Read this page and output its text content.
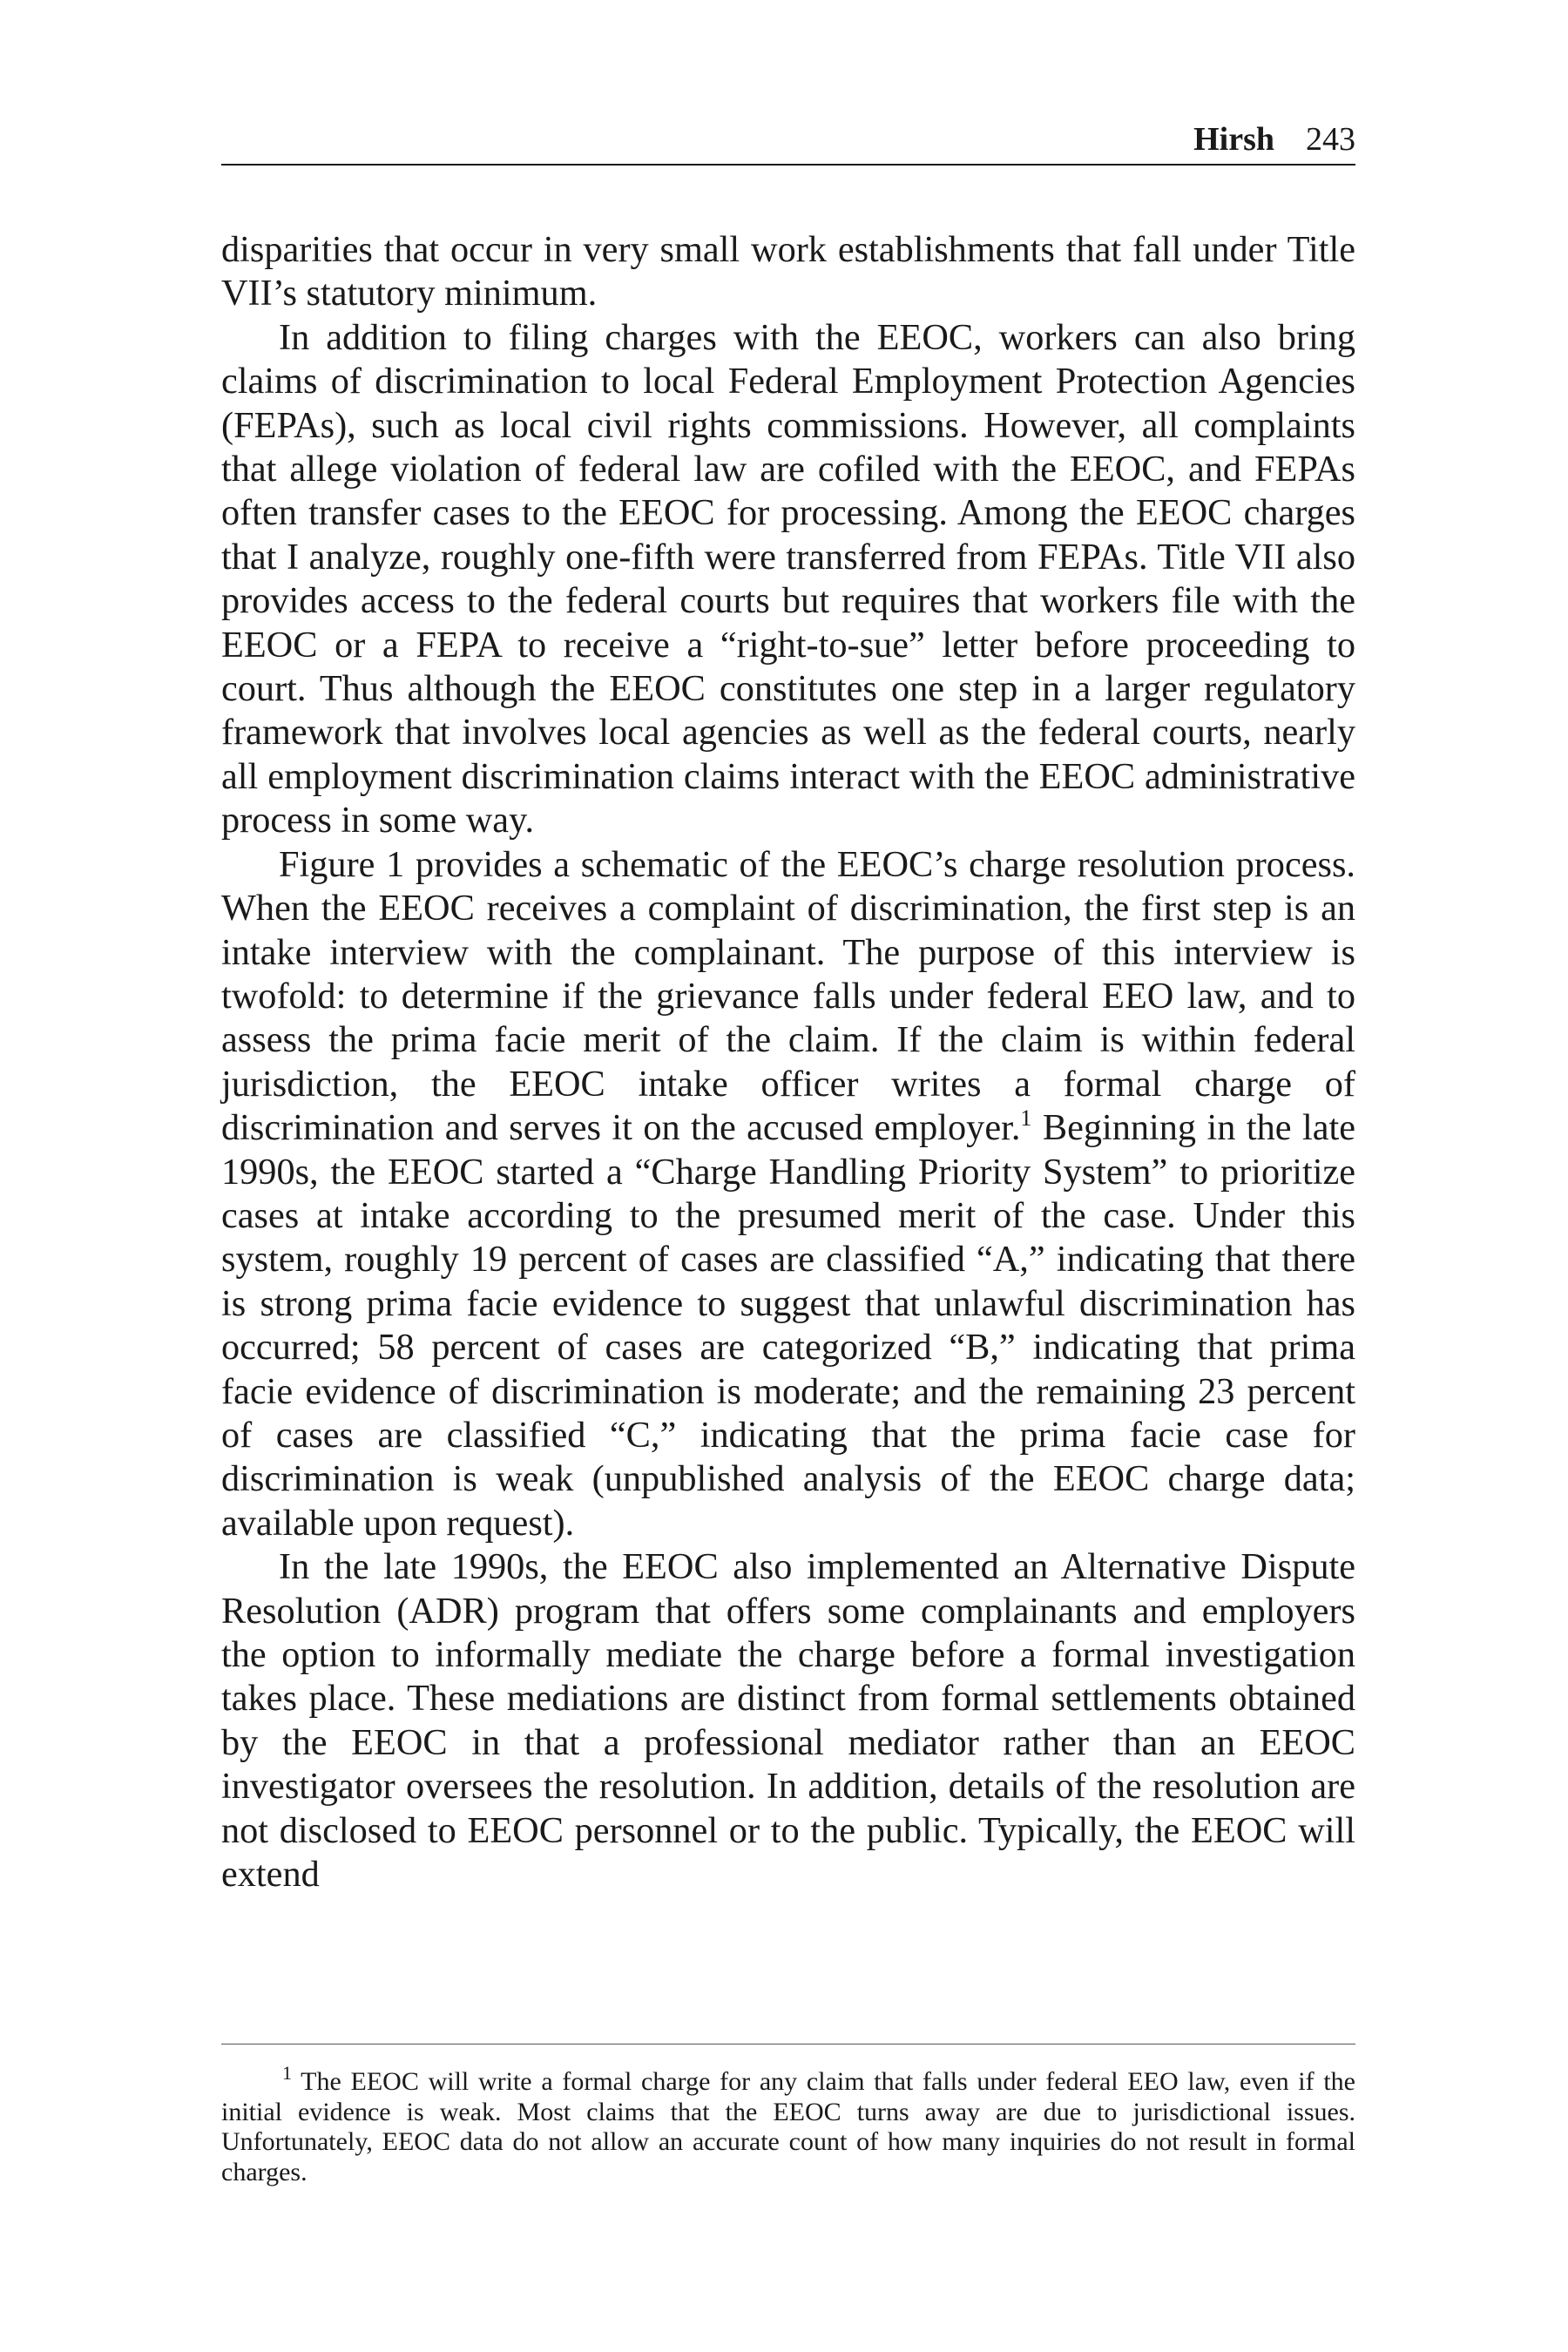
Hirsh 243

disparities that occur in very small work establishments that fall under Title VII’s statutory minimum.

In addition to filing charges with the EEOC, workers can also bring claims of discrimination to local Federal Employment Protection Agencies (FEPAs), such as local civil rights commissions. However, all complaints that allege violation of federal law are cofiled with the EEOC, and FEPAs often transfer cases to the EEOC for processing. Among the EEOC charges that I analyze, roughly one-fifth were transferred from FEPAs. Title VII also provides access to the federal courts but requires that workers file with the EEOC or a FEPA to receive a “right-to-sue” letter before proceeding to court. Thus although the EEOC constitutes one step in a larger regulatory framework that involves local agencies as well as the federal courts, nearly all employment discrimination claims interact with the EEOC administrative process in some way.

Figure 1 provides a schematic of the EEOC’s charge resolution process. When the EEOC receives a complaint of discrimination, the first step is an intake interview with the complainant. The purpose of this interview is twofold: to determine if the grievance falls under federal EEO law, and to assess the prima facie merit of the claim. If the claim is within federal jurisdiction, the EEOC intake officer writes a formal charge of discrimination and serves it on the accused employer.$^1$ Beginning in the late 1990s, the EEOC started a “Charge Handling Priority System” to prioritize cases at intake according to the presumed merit of the case. Under this system, roughly 19 percent of cases are classified “A,” indicating that there is strong prima facie evidence to suggest that unlawful discrimination has occurred; 58 percent of cases are categorized “B,” indicating that prima facie evidence of discrimination is moderate; and the remaining 23 percent of cases are classified “C,” indicating that the prima facie case for discrimination is weak (unpublished analysis of the EEOC charge data; available upon request).

In the late 1990s, the EEOC also implemented an Alternative Dispute Resolution (ADR) program that offers some complainants and employers the option to informally mediate the charge before a formal investigation takes place. These mediations are distinct from formal settlements obtained by the EEOC in that a professional mediator rather than an EEOC investigator oversees the resolution. In addition, details of the resolution are not disclosed to EEOC personnel or to the public. Typically, the EEOC will extend

$^1$ The EEOC will write a formal charge for any claim that falls under federal EEO law, even if the initial evidence is weak. Most claims that the EEOC turns away are due to jurisdictional issues. Unfortunately, EEOC data do not allow an accurate count of how many inquiries do not result in formal charges.
